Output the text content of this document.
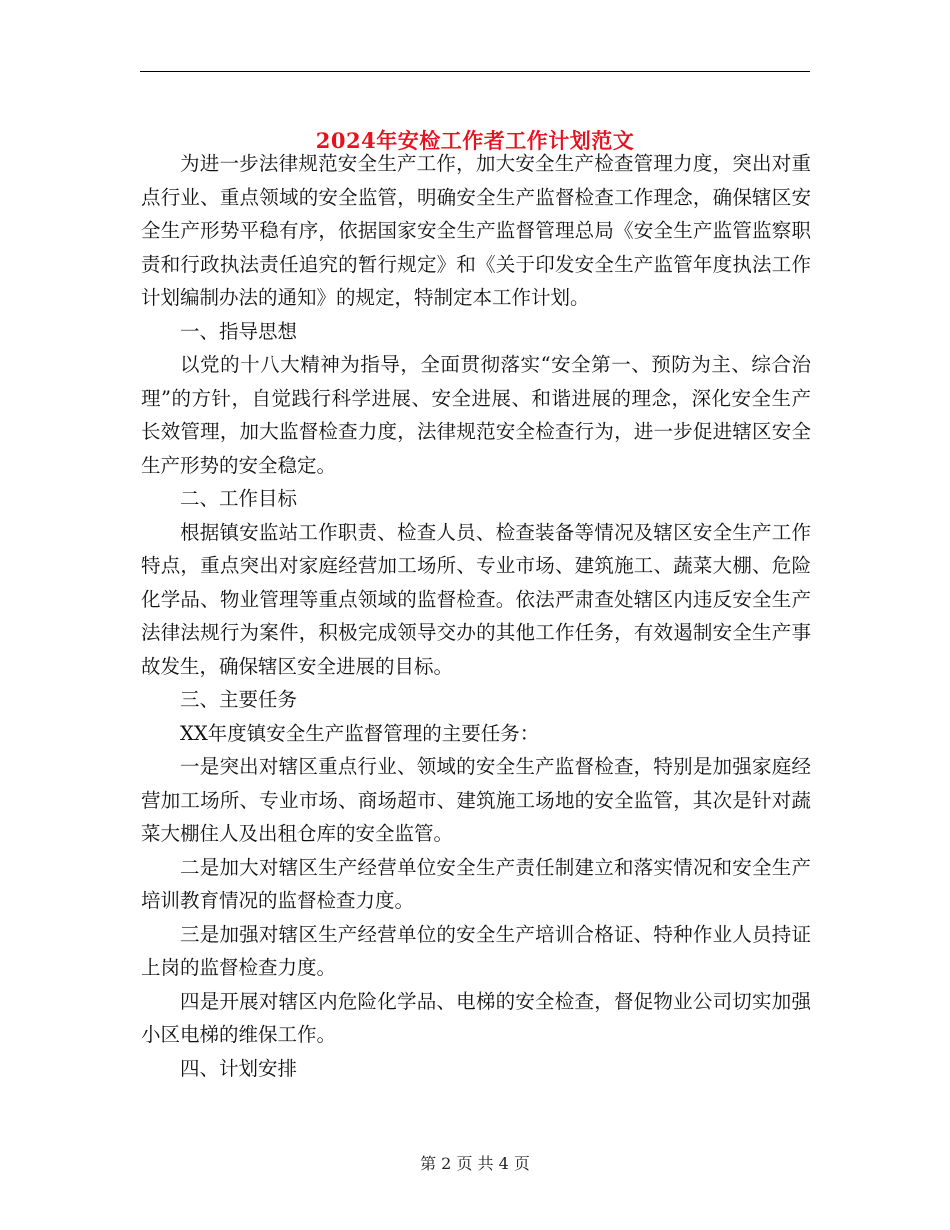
2024年安检工作者工作计划范文

为进一步法律规范安全生产工作，加大安全生产检查管理力度，突出对重点行业、重点领域的安全监管，明确安全生产监督检查工作理念，确保辖区安全生产形势平稳有序，依据国家安全生产监督管理总局《安全生产监管监察职责和行政执法责任追究的暂行规定》和《关于印发安全生产监管年度执法工作计划编制办法的通知》的规定，特制定本工作计划。

一、指导思想

以党的十八大精神为指导，全面贯彻落实“安全第一、预防为主、综合治理”的方针，自觉践行科学进展、安全进展、和谐进展的理念，深化安全生产长效管理，加大监督检查力度，法律规范安全检查行为，进一步促进辖区安全生产形势的安全稳定。

二、工作目标

根据镇安监站工作职责、检查人员、检查装备等情况及辖区安全生产工作特点，重点突出对家庭经营加工场所、专业市场、建筑施工、蔬菜大棚、危险化学品、物业管理等重点领域的监督检查。依法严肃查处辖区内违反安全生产法律法规行为案件，积极完成领导交办的其他工作任务，有效遏制安全生产事故发生，确保辖区安全进展的目标。

三、主要任务

XX年度镇安全生产监督管理的主要任务：

一是突出对辖区重点行业、领域的安全生产监督检查，特别是加强家庭经营加工场所、专业市场、商场超市、建筑施工场地的安全监管，其次是针对蔬菜大棚住人及出租仓库的安全监管。

二是加大对辖区生产经营单位安全生产责任制建立和落实情况和安全生产培训教育情况的监督检查力度。

三是加强对辖区生产经营单位的安全生产培训合格证、特种作业人员持证上岗的监督检查力度。

四是开展对辖区内危险化学品、电梯的安全检查，督促物业公司切实加强小区电梯的维保工作。

四、计划安排

第 2 页 共 4 页
